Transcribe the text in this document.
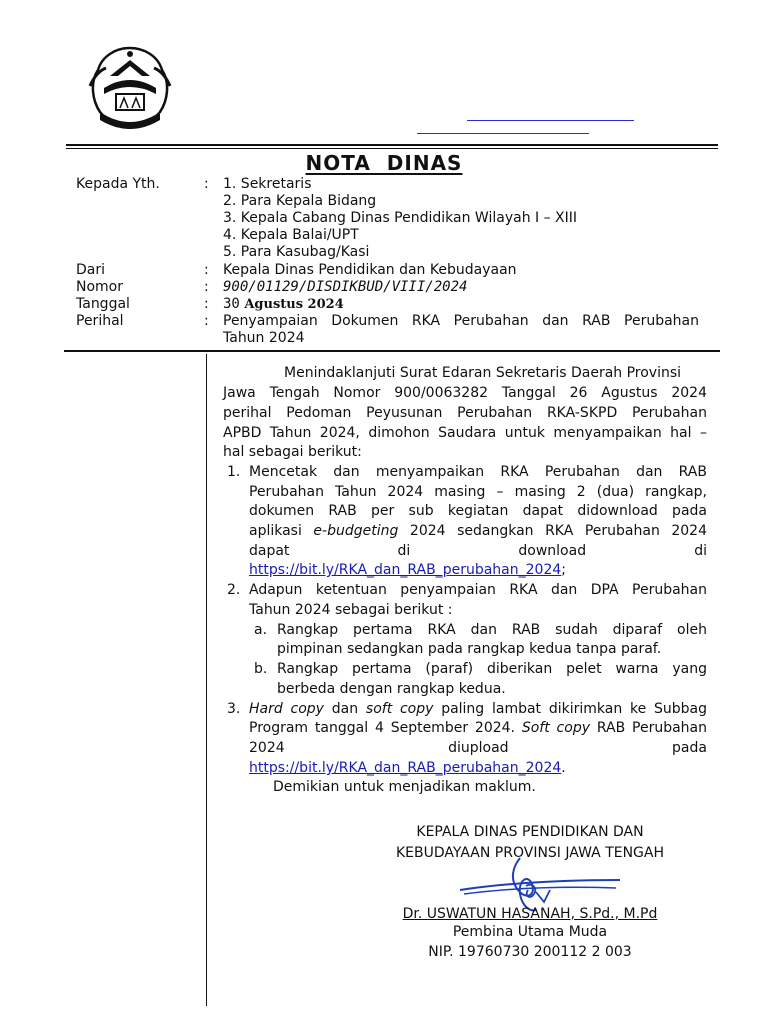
NOTA  DINAS
Kepada Yth.	: 1. Sekretaris
2. Para Kepala Bidang
3. Kepala Cabang Dinas Pendidikan Wilayah I – XIII
4. Kepala Balai/UPT
5. Para Kasubag/Kasi
Dari	: Kepala Dinas Pendidikan dan Kebudayaan
Nomor	: 900/01129/DISDIKBUD/VIII/2024
Tanggal	: 30 Agustus 2024
Perihal	: Penyampaian Dokumen RKA Perubahan dan RAB Perubahan
Tahun 2024
Menindaklanjuti Surat Edaran Sekretaris Daerah Provinsi
Jawa Tengah Nomor 900/0063282 Tanggal 26 Agustus 2024
perihal Pedoman Peyusunan Perubahan RKA-SKPD Perubahan
APBD Tahun 2024, dimohon Saudara untuk menyampaikan hal –
hal sebagai berikut:
1. Mencetak dan menyampaikan RKA Perubahan dan RAB
Perubahan Tahun 2024 masing – masing 2 (dua) rangkap,
dokumen RAB per sub kegiatan dapat didownload pada
aplikasi e-budgeting 2024 sedangkan RKA Perubahan 2024
dapat	di	download	di
https://bit.ly/RKA_dan_RAB_perubahan_2024;
2. Adapun ketentuan penyampaian RKA dan DPA Perubahan
Tahun 2024 sebagai berikut :
a. Rangkap pertama RKA dan RAB sudah diparaf oleh
pimpinan sedangkan pada rangkap kedua tanpa paraf.
b. Rangkap pertama (paraf) diberikan pelet warna yang
berbeda dengan rangkap kedua.
3. Hard copy dan soft copy paling lambat dikirimkan ke Subbag
Program tanggal 4 September 2024. Soft copy RAB Perubahan
2024	diupload	pada
https://bit.ly/RKA_dan_RAB_perubahan_2024.
Demikian untuk menjadikan maklum.
KEPALA DINAS PENDIDIKAN DAN
KEBUDAYAAN PROVINSI JAWA TENGAH
Dr. USWATUN HASANAH, S.Pd., M.Pd
Pembina Utama Muda
NIP. 19760730 200112 2 003
